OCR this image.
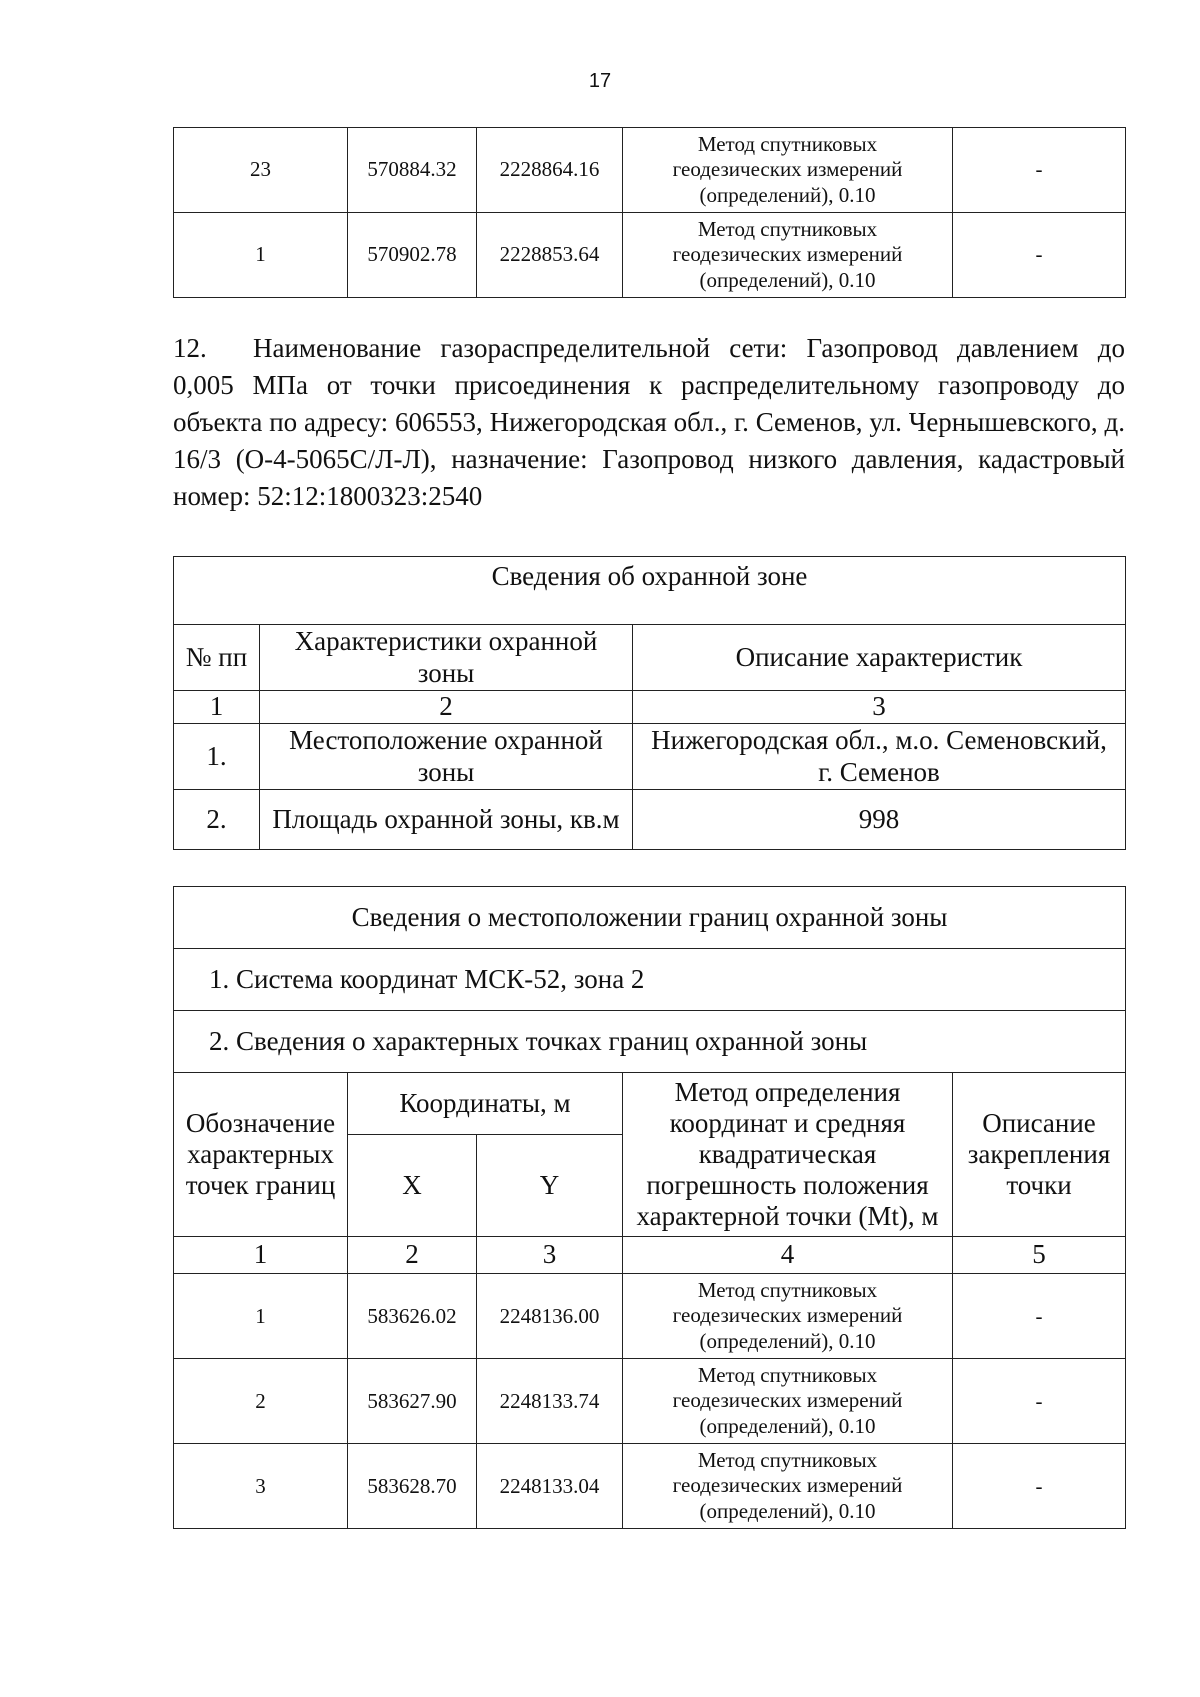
17
23	570884.32	2228864.16	Метод спутниковых
геодезических измерений
(определений), 0.10	-
1	570902.78	2228853.64	Метод спутниковых
геодезических измерений
(определений), 0.10	-

12. Наименование газораспределительной сети: Газопровод давлением до 0,005 МПа от точки присоединения к распределительному газопроводу до объекта по адресу: 606553, Нижегородская обл., г. Семенов, ул. Чернышевского, д. 16/3 (О-4-5065С/Л-Л), назначение: Газопровод низкого давления, кадастровый номер: 52:12:1800323:2540

Сведения об охранной зоне		
№ пп	Характеристики охранной
зоны	Описание характеристик
1	2	3
1.	Местоположение охранной
зоны	Нижегородская обл., м.о. Семеновский,
г. Семенов
2.	Площадь охранной зоны, кв.м	998
Сведения о местоположении границ охранной зоны				
1. Система координат МСК-52, зона 2				
2. Сведения о характерных точках границ охранной зоны				
Обозначение
характерных
точек границ	Координаты, м		Метод определения
координат и средняя
квадратическая
погрешность положения
характерной точки (Mt), м	Описание
закрепления
точки
	X	Y		
1	2	3	4	5
1	583626.02	2248136.00	Метод спутниковых
геодезических измерений
(определений), 0.10	-
2	583627.90	2248133.74	Метод спутниковых
геодезических измерений
(определений), 0.10	-
3	583628.70	2248133.04	Метод спутниковых
геодезических измерений
(определений), 0.10	-
